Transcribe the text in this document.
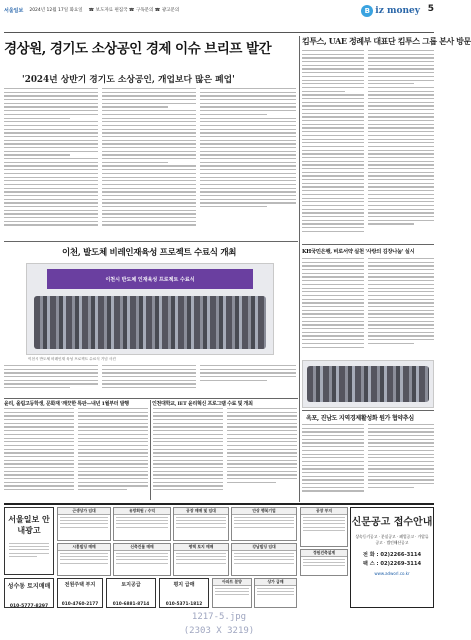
서울일보 2024년 12월 17일 화요일 ☎ 보도자료 편집국 ☎ 구독문의 ☎ 광고문의	B iz money 5
경상원, 경기도 소상공인 경제 이슈 브리프 발간
'2024년 상반기 경기도 소상공인, 개업보다 많은 폐업'
킴투스, UAE 정례부 대표단 킴투스 그룹 본사 방문
이천, 발도체 비레인재육성 프로젝트 수료식 개최
이천시 반도체 인재육성 프로젝트 수료식
이천시 반도체 비레인재 육성 프로젝트 수료식 기념 사진
윤리, 올림고등학생, 문화재 '깨끗한 특판—내년 1월부터 발행	인천대학교, IET 윤리혁신 프로그램 수료 및 개최
KH국민은행, 비로서약 실천 '사랑의 김장나눔' 실시
옥포, 진남도 지역경제활성화 원가 협약추심
서울일보 안내광고
성수동 토지매매
010-5777-8297
전원주택 부지
010-4760-2177
토지공급
010-6881-8714
평지 급매
010-5371-1812
근생상가 임대	유망회원 / 수익	공장 매매 및 임대	안상 행복기업
시흥빌딩 매매	신축건물 매매	평택 토지 매매	강남빌딩 임대
아파트 분양	상가 급매
공장 부지
정원건축설계
신문공고 접수안내
상속등기공고 · 분실공고 · 폐업공고 · 가압류공고 · 법인해산공고
전 화 : 02)2266-3114
팩 스 : 02)2269-3114
www.adworl.co.kr
1217-5.jpg
(2303 X 3219)
